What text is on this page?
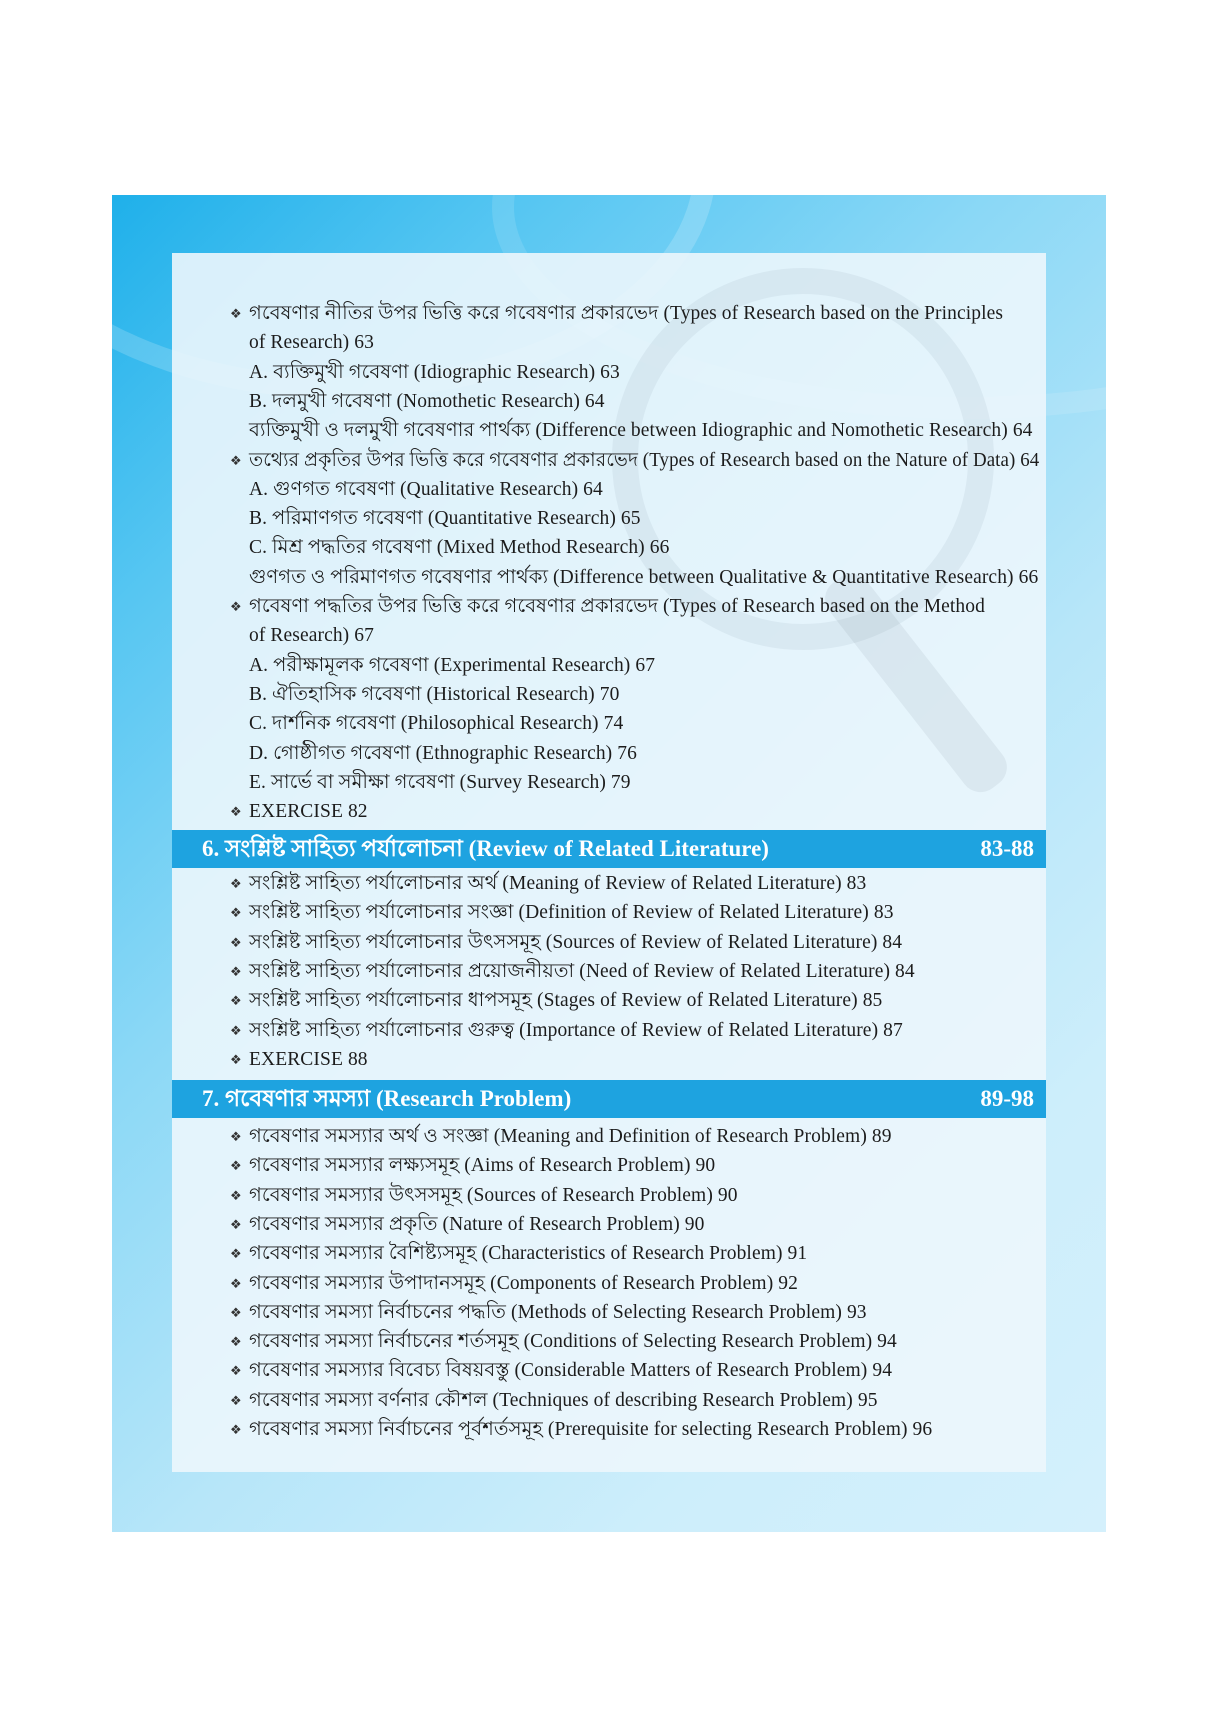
❖ গবেষণার নীতির উপর ভিত্তি করে গবেষণার প্রকারভেদ (Types of Research based on the Principles
of Research) 63
A. ব্যক্তিমুখী গবেষণা (Idiographic Research) 63
B. দলমুখী গবেষণা (Nomothetic Research) 64
ব্যক্তিমুখী ও দলমুখী গবেষণার পার্থক্য (Difference between Idiographic and Nomothetic Research) 64
❖ তথ্যের প্রকৃতির উপর ভিত্তি করে গবেষণার প্রকারভেদ (Types of Research based on the Nature of Data) 64
A. গুণগত গবেষণা (Qualitative Research) 64
B. পরিমাণগত গবেষণা (Quantitative Research) 65
C. মিশ্র পদ্ধতির গবেষণা (Mixed Method Research) 66
গুণগত ও পরিমাণগত গবেষণার পার্থক্য (Difference between Qualitative & Quantitative Research) 66
❖ গবেষণা পদ্ধতির উপর ভিত্তি করে গবেষণার প্রকারভেদ (Types of Research based on the Method
of Research) 67
A. পরীক্ষামূলক গবেষণা (Experimental Research) 67
B. ঐতিহাসিক গবেষণা (Historical Research) 70
C. দার্শনিক গবেষণা (Philosophical Research) 74
D. গোষ্ঠীগত গবেষণা (Ethnographic Research) 76
E. সার্ভে বা সমীক্ষা গবেষণা (Survey Research) 79
❖ EXERCISE 82
6. সংশ্লিষ্ট সাহিত্য পর্যালোচনা (Review of Related Literature)	83-88
❖ সংশ্লিষ্ট সাহিত্য পর্যালোচনার অর্থ (Meaning of Review of Related Literature) 83
❖ সংশ্লিষ্ট সাহিত্য পর্যালোচনার সংজ্ঞা (Definition of Review of Related Literature) 83
❖ সংশ্লিষ্ট সাহিত্য পর্যালোচনার উৎসসমূহ (Sources of Review of Related Literature) 84
❖ সংশ্লিষ্ট সাহিত্য পর্যালোচনার প্রয়োজনীয়তা (Need of Review of Related Literature) 84
❖ সংশ্লিষ্ট সাহিত্য পর্যালোচনার ধাপসমূহ (Stages of Review of Related Literature) 85
❖ সংশ্লিষ্ট সাহিত্য পর্যালোচনার গুরুত্ব (Importance of Review of Related Literature) 87
❖ EXERCISE 88
7. গবেষণার সমস্যা (Research Problem)	89-98
❖ গবেষণার সমস্যার অর্থ ও সংজ্ঞা (Meaning and Definition of Research Problem) 89
❖ গবেষণার সমস্যার লক্ষ্যসমূহ (Aims of Research Problem) 90
❖ গবেষণার সমস্যার উৎসসমূহ (Sources of Research Problem) 90
❖ গবেষণার সমস্যার প্রকৃতি (Nature of Research Problem) 90
❖ গবেষণার সমস্যার বৈশিষ্ট্যসমূহ (Characteristics of Research Problem) 91
❖ গবেষণার সমস্যার উপাদানসমূহ (Components of Research Problem) 92
❖ গবেষণার সমস্যা নির্বাচনের পদ্ধতি (Methods of Selecting Research Problem) 93
❖ গবেষণার সমস্যা নির্বাচনের শর্তসমূহ (Conditions of Selecting Research Problem) 94
❖ গবেষণার সমস্যার বিবেচ্য বিষয়বস্তু (Considerable Matters of Research Problem) 94
❖ গবেষণার সমস্যা বর্ণনার কৌশল (Techniques of describing Research Problem) 95
❖ গবেষণার সমস্যা নির্বাচনের পূর্বশর্তসমূহ (Prerequisite for selecting Research Problem) 96
